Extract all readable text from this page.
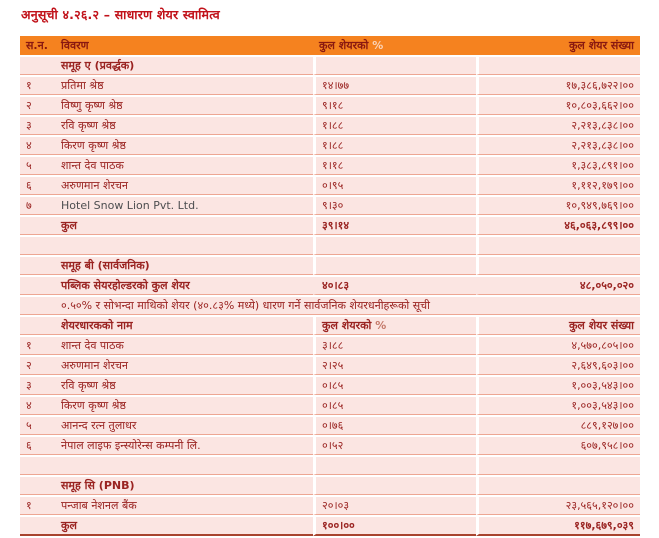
अनुसूची ४.२६.२ – साधारण शेयर स्वामित्व
स.न.	विवरण	कुल शेयरको %	कुल शेयर संख्या
	समूह ए (प्रवर्द्धक)		
१	प्रतिमा श्रेष्ठ	१४।७७	१७,३८६,७२२।००
२	विष्णु कृष्ण श्रेष्ठ	९।१८	१०,८०३,६६२।००
३	रवि कृष्ण श्रेष्ठ	१।८८	२,२१३,८३८।००
४	किरण कृष्ण श्रेष्ठ	१।८८	२,२१३,८३८।००
५	शान्त देव पाठक	१।१८	१,३८३,८९१।००
६	अरुणमान शेरचन	०।९५	१,११२,१७९।००
७	Hotel Snow Lion Pvt. Ltd.	९।३०	१०,९४९,७६९।००
	कुल	३९।१४	४६,०६३,८९९।००

	समूह बी (सार्वजनिक)		
	पब्लिक सेयरहोल्डरको कुल शेयर	४०।८३	४८,०५०,०२०
	०.५०% र सोभन्दा माथिको शेयर (४०.८३% मध्ये) धारण गर्ने सार्वजनिक शेयरधनीहरूको सूची		
	शेयरधारकको नाम	कुल शेयरको %	कुल शेयर संख्या
१	शान्त देव पाठक	३।८८	४,५७०,८०५।००
२	अरुणमान शेरचन	२।२५	२,६४९,६०३।००
३	रवि कृष्ण श्रेष्ठ	०।८५	१,००३,५४३।००
४	किरण कृष्ण श्रेष्ठ	०।८५	१,००३,५४३।००
५	आनन्द रत्न तुलाधर	०।७६	८८९,१२७।००
६	नेपाल लाइफ इन्स्योरेन्स कम्पनी लि.	०।५२	६०७,९५८।००

	समूह सि (PNB)		
१	पन्जाब नेशनल बैंक	२०।०३	२३,५६५,१२०।००
	कुल	१००।००	११७,६७९,०३९
